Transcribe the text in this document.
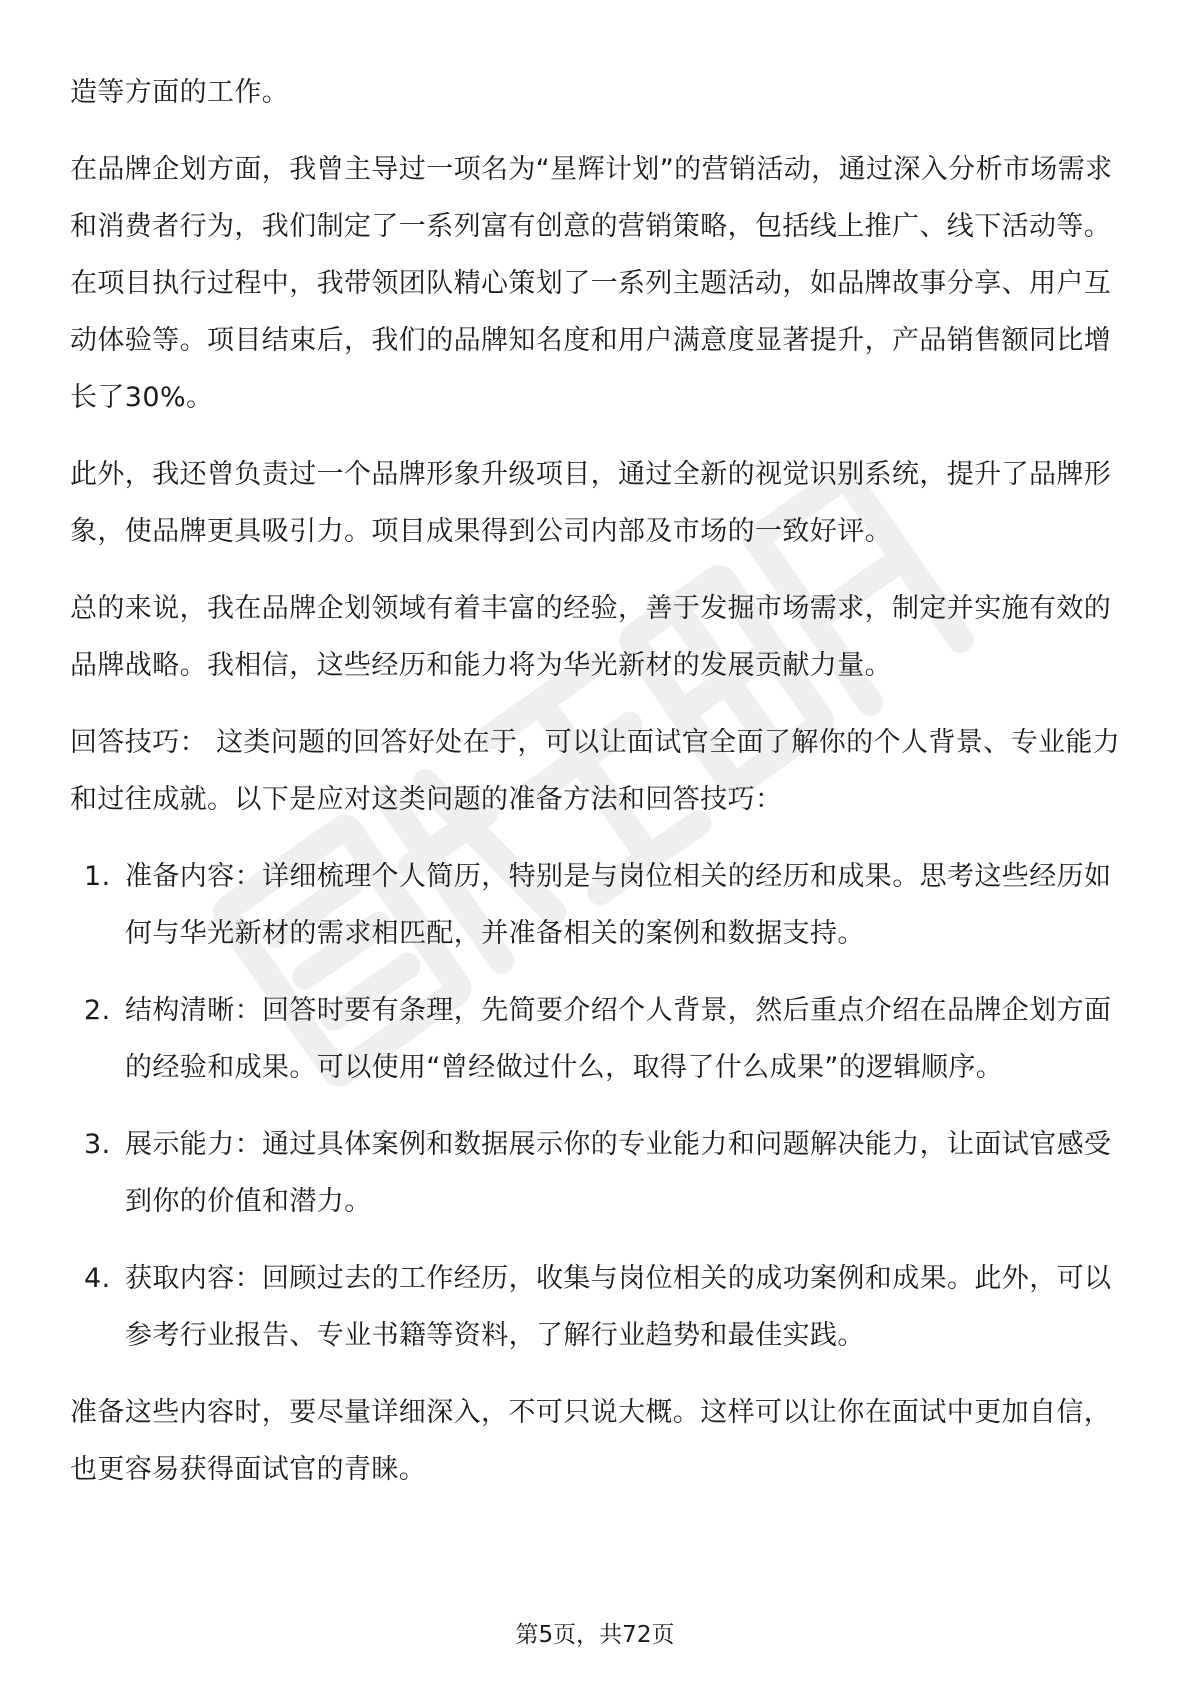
造等方面的工作。

在品牌企划方面，我曾主导过一项名为“星辉计划”的营销活动，通过深入分析市场需求和消费者行为，我们制定了一系列富有创意的营销策略，包括线上推广、线下活动等。在项目执行过程中，我带领团队精心策划了一系列主题活动，如品牌故事分享、用户互动体验等。项目结束后，我们的品牌知名度和用户满意度显著提升，产品销售额同比增长了30%。

此外，我还曾负责过一个品牌形象升级项目，通过全新的视觉识别系统，提升了品牌形象，使品牌更具吸引力。项目成果得到公司内部及市场的一致好评。

总的来说，我在品牌企划领域有着丰富的经验，善于发掘市场需求，制定并实施有效的品牌战略。我相信，这些经历和能力将为华光新材的发展贡献力量。

回答技巧： 这类问题的回答好处在于，可以让面试官全面了解你的个人背景、专业能力和过往成就。以下是应对这类问题的准备方法和回答技巧：

1. 准备内容：详细梳理个人简历，特别是与岗位相关的经历和成果。思考这些经历如何与华光新材的需求相匹配，并准备相关的案例和数据支持。
2. 结构清晰：回答时要有条理，先简要介绍个人背景，然后重点介绍在品牌企划方面的经验和成果。可以使用“曾经做过什么，取得了什么成果”的逻辑顺序。
3. 展示能力：通过具体案例和数据展示你的专业能力和问题解决能力，让面试官感受到你的价值和潜力。
4. 获取内容：回顾过去的工作经历，收集与岗位相关的成功案例和成果。此外，可以参考行业报告、专业书籍等资料，了解行业趋势和最佳实践。

准备这些内容时，要尽量详细深入，不可只说大概。这样可以让你在面试中更加自信，也更容易获得面试官的青睐。

第5页，共72页
